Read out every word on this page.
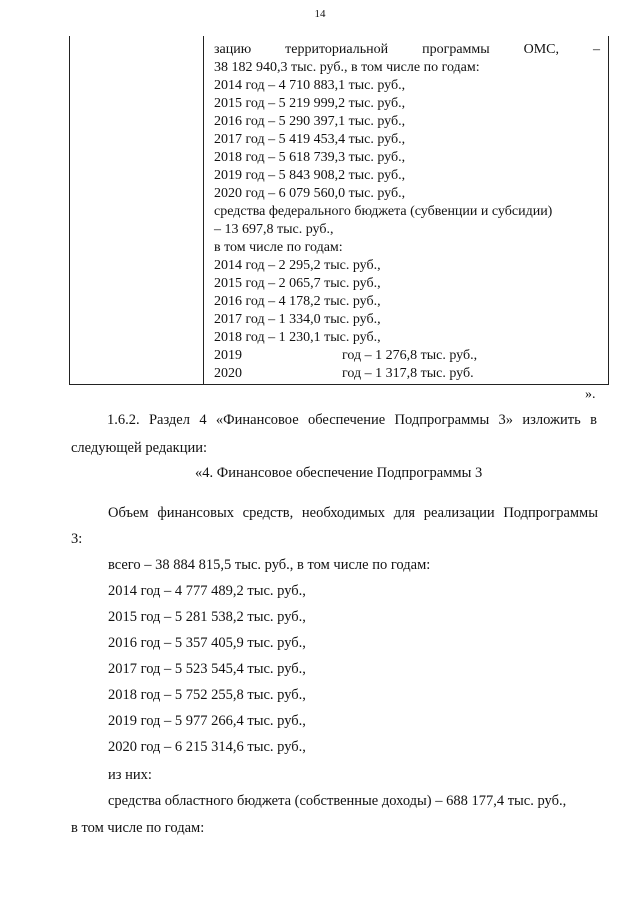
14
зацию территориальной программы ОМС, –
38 182 940,3 тыс. руб., в том числе по годам:
2014 год – 4 710 883,1 тыс. руб.,
2015 год – 5 219 999,2 тыс. руб.,
2016 год – 5 290 397,1 тыс. руб.,
2017 год – 5 419 453,4 тыс. руб.,
2018 год – 5 618 739,3 тыс. руб.,
2019 год – 5 843 908,2 тыс. руб.,
2020 год – 6 079 560,0 тыс. руб.,
средства федерального бюджета (субвенции и субсидии)
– 13 697,8 тыс. руб.,
в том числе по годам:
2014 год – 2 295,2 тыс. руб.,
2015 год – 2 065,7 тыс. руб.,
2016 год – 4 178,2 тыс. руб.,
2017 год – 1 334,0 тыс. руб.,
2018 год – 1 230,1 тыс. руб.,
2019	год – 1 276,8 тыс. руб.,
2020	год – 1 317,8 тыс. руб.
».
1.6.2. Раздел 4 «Финансовое обеспечение Подпрограммы 3» изложить в
следующей редакции:
«4. Финансовое обеспечение Подпрограммы 3
Объем финансовых средств, необходимых для реализации Подпрограммы
3:
всего – 38 884 815,5 тыс. руб., в том числе по годам:
2014 год – 4 777 489,2 тыс. руб.,
2015 год – 5 281 538,2 тыс. руб.,
2016 год – 5 357 405,9 тыс. руб.,
2017 год – 5 523 545,4 тыс. руб.,
2018 год – 5 752 255,8 тыс. руб.,
2019 год – 5 977 266,4 тыс. руб.,
2020 год – 6 215 314,6 тыс. руб.,
из них:
средства областного бюджета (собственные доходы) – 688 177,4 тыс. руб.,
в том числе по годам:
